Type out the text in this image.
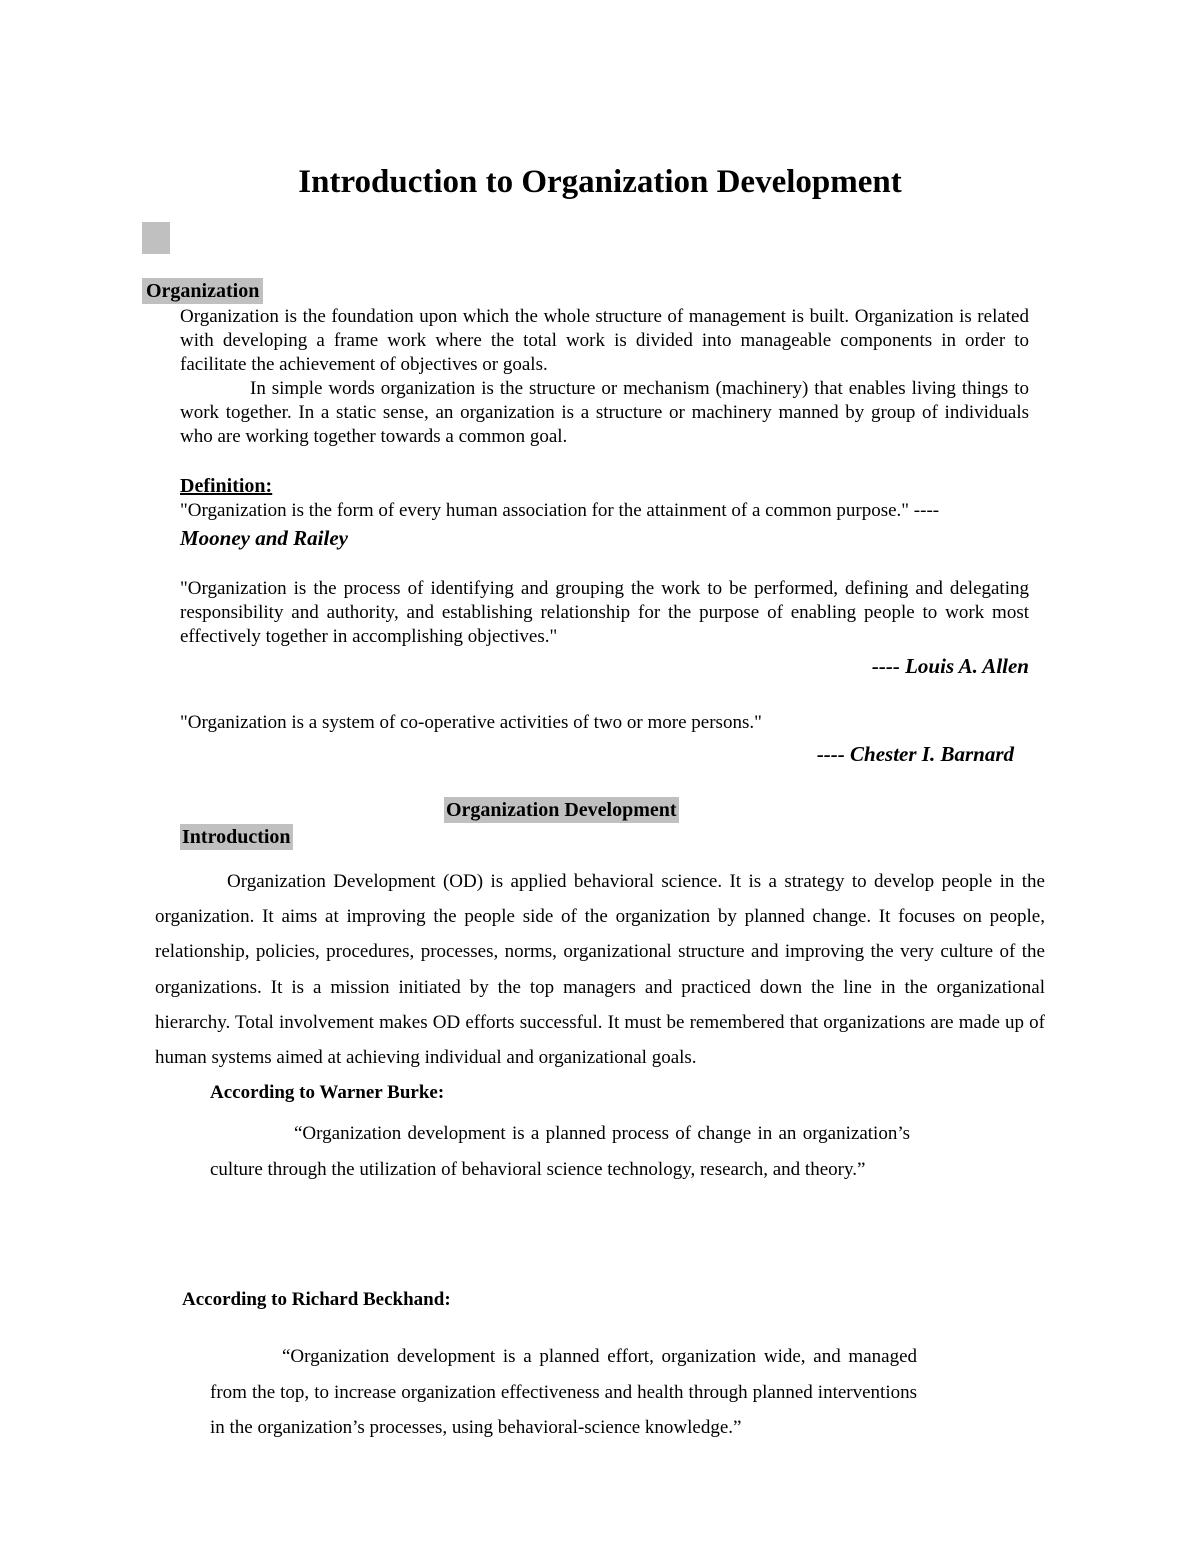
Introduction to Organization Development
Organization

Organization is the foundation upon which the whole structure of management is built. Organization is related with developing a frame work where the total work is divided into manageable components in order to facilitate the achievement of objectives or goals.

In simple words organization is the structure or mechanism (machinery) that enables living things to work together. In a static sense, an organization is a structure or machinery manned by group of individuals who are working together towards a common goal.

Definition:
"Organization is the form of every human association for the attainment of a common purpose." ----
Mooney and Railey
"Organization is the process of identifying and grouping the work to be performed, defining and delegating responsibility and authority, and establishing relationship for the purpose of enabling people to work most effectively together in accomplishing objectives."
---- Louis A. Allen
"Organization is a system of co-operative activities of two or more persons."
---- Chester I. Barnard
Organization Development
Introduction
Organization Development (OD) is applied behavioral science. It is a strategy to develop people in the organization. It aims at improving the people side of the organization by planned change. It focuses on people, relationship, policies, procedures, processes, norms, organizational structure and improving the very culture of the organizations. It is a mission initiated by the top managers and practiced down the line in the organizational hierarchy. Total involvement makes OD efforts successful. It must be remembered that organizations are made up of human systems aimed at achieving individual and organizational goals.
According to Warner Burke:
“Organization development is a planned process of change in an organization’s culture through the utilization of behavioral science technology, research, and theory.”
According to Richard Beckhand:
“Organization development is a planned effort, organization wide, and managed from the top, to increase organization effectiveness and health through planned interventions in the organization’s processes, using behavioral-science knowledge.”
